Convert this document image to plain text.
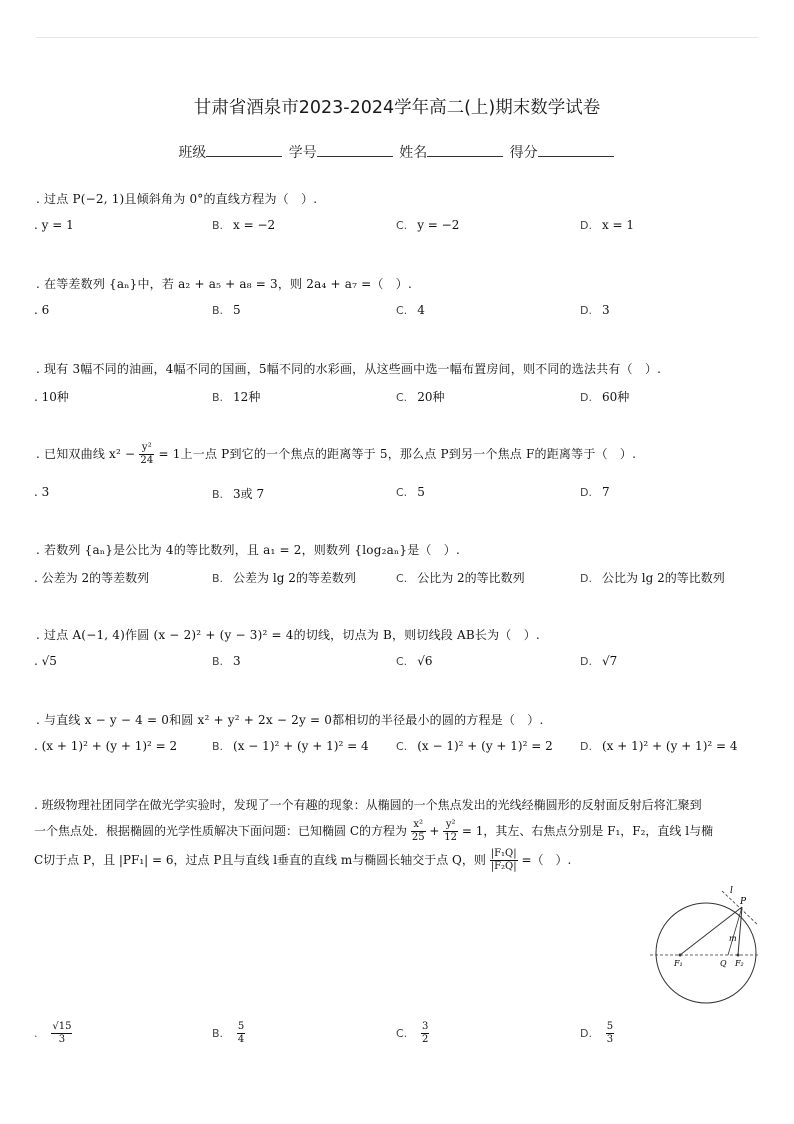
甘肃省酒泉市2023-2024学年高二(上)期末数学试卷
班级	学号	姓名	得分
. 过点 P(−2, 1)且倾斜角为 0°的直线方程为（　）.
. y = 1	B. x = −2	C. y = −2	D. x = 1
. 在等差数列 {aₙ}中，若 a₂ + a₅ + a₈ = 3，则 2a₄ + a₇ =（　）.
. 6	B. 5	C. 4	D. 3
. 现有 3幅不同的油画，4幅不同的国画，5幅不同的水彩画，从这些画中选一幅布置房间，则不同的选法共有（　）.
. 10种	B. 12种	C. 20种	D. 60种
. 已知双曲线 $x^2 - \frac{\text{y²}}{24} = 1$上一点 P到它的一个焦点的距离等于 5，那么点 P到另一个焦点 F的距离等于（　）.
. 3	B. 3或 7	C. 5	D. 7
. 若数列 {aₙ}是公比为 4的等比数列，且 a₁ = 2，则数列 {log₂aₙ}是（　）.
. 公差为 2的等差数列	B. 公差为 lg 2的等差数列	C. 公比为 2的等比数列	D. 公比为 lg 2的等比数列
. 过点 A(−1, 4)作圆 (x − 2)² + (y − 3)² = 4的切线，切点为 B，则切线段 AB长为（　）.
. √5	B. 3	C. √6	D. √7
. 与直线 x − y − 4 = 0和圆 x² + y² + 2x − 2y = 0都相切的半径最小的圆的方程是（　）.
. (x + 1)² + (y + 1)² = 2	B. (x − 1)² + (y + 1)² = 4 C. (x − 1)² + (y + 1)² = 2 D. (x + 1)² + (y + 1)² = 4
. 班级物理社团同学在做光学实验时，发现了一个有趣的现象：从椭圆的一个焦点发出的光线经椭圆形的反射面反射后将汇聚到
一个焦点处．根据椭圆的光学性质解决下面问题：已知椭圆 C的方程为 $\frac{\text{x²}}{25} + \frac{\text{y²}}{12} = 1$，其左、右焦点分别是 F₁，F₂，直线 l与椭
C切于点 P，且 |PF₁| = 6，过点 P且与直线 l垂直的直线 m与椭圆长轴交于点 Q，则 $\frac{\text{|F₁Q|}}{\text{|F₂Q|}}$ =（　）.
l
P
m
F₁	Q F₂
. $\frac{√15}{3}$	B. $\frac{5}{4}$	C. $\frac{3}{2}$	D. $\frac{5}{3}$
